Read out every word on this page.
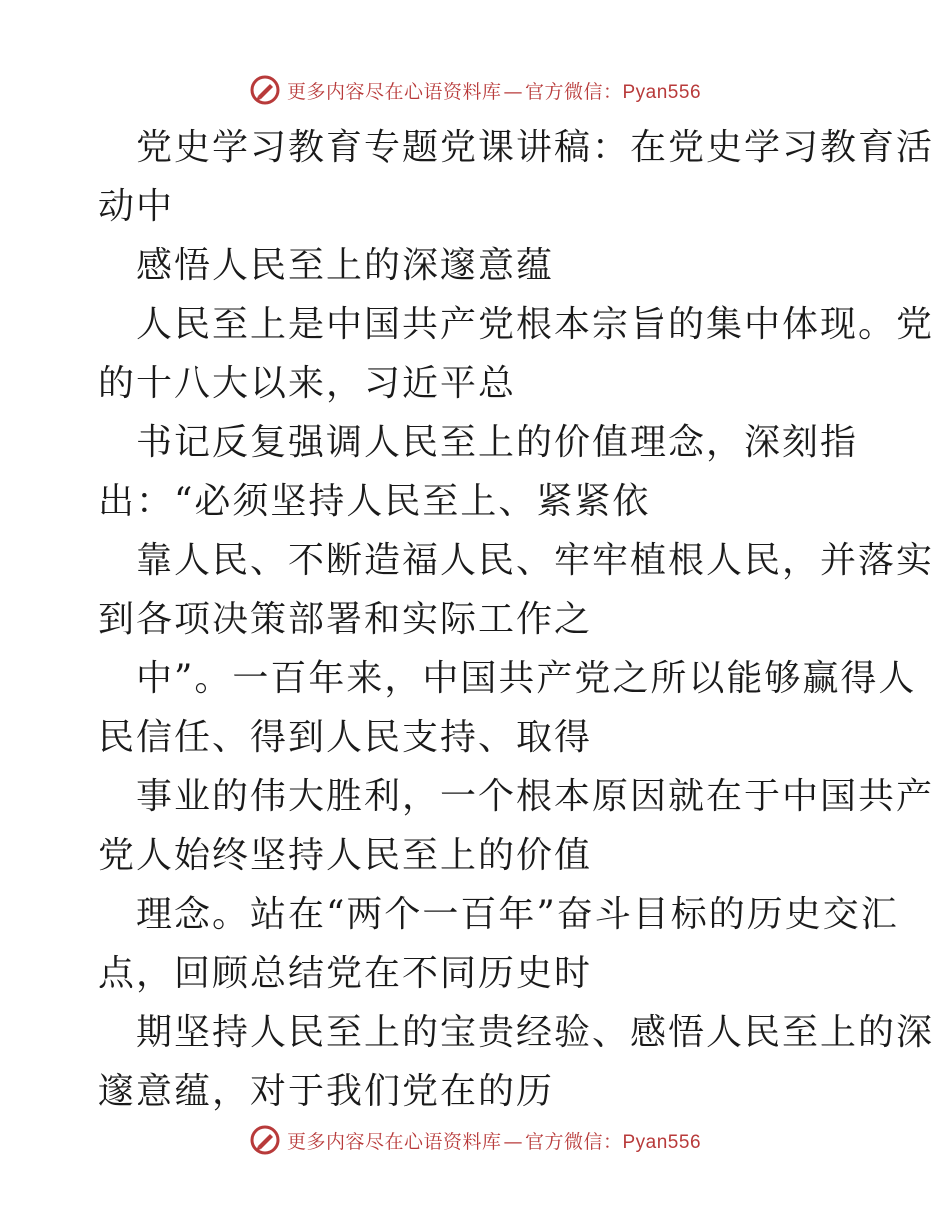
更多内容尽在心语资料库 — 官方微信：Pyan556
党史学习教育专题党课讲稿：在党史学习教育活
动中
感悟人民至上的深邃意蕴
人民至上是中国共产党根本宗旨的集中体现。党
的十八大以来，习近平总
书记反复强调人民至上的价值理念，深刻指
出：“必须坚持人民至上、紧紧依
靠人民、不断造福人民、牢牢植根人民，并落实
到各项决策部署和实际工作之
中”。一百年来，中国共产党之所以能够赢得人
民信任、得到人民支持、取得
事业的伟大胜利，一个根本原因就在于中国共产
党人始终坚持人民至上的价值
理念。站在“两个一百年”奋斗目标的历史交汇
点，回顾总结党在不同历史时
期坚持人民至上的宝贵经验、感悟人民至上的深
邃意蕴，对于我们党在的历
更多内容尽在心语资料库 — 官方微信：Pyan556
